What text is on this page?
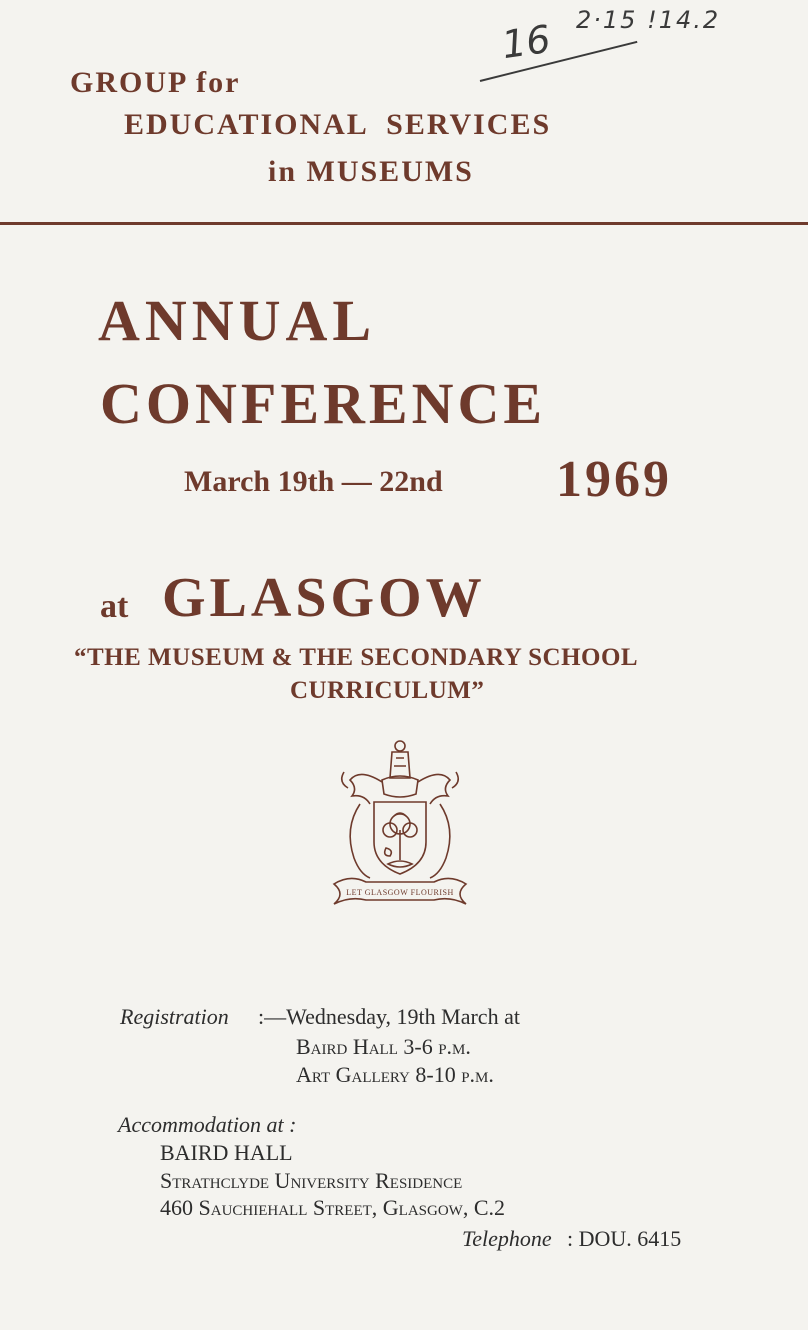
16 2·15 !14.2
GROUP for
EDUCATIONAL  SERVICES
in MUSEUMS
ANNUAL
CONFERENCE
March 19th — 22nd 1969
at GLASGOW
“THE MUSEUM & THE SECONDARY SCHOOL
CURRICULUM”
LET GLASGOW FLOURISH
Registration :—Wednesday, 19th March at
Baird Hall 3-6 p.m.
Art Gallery 8-10 p.m.
Accommodation at :
BAIRD HALL
Strathclyde University Residence
460 Sauchiehall Street, Glasgow, C.2
Telephone : DOU. 6415
